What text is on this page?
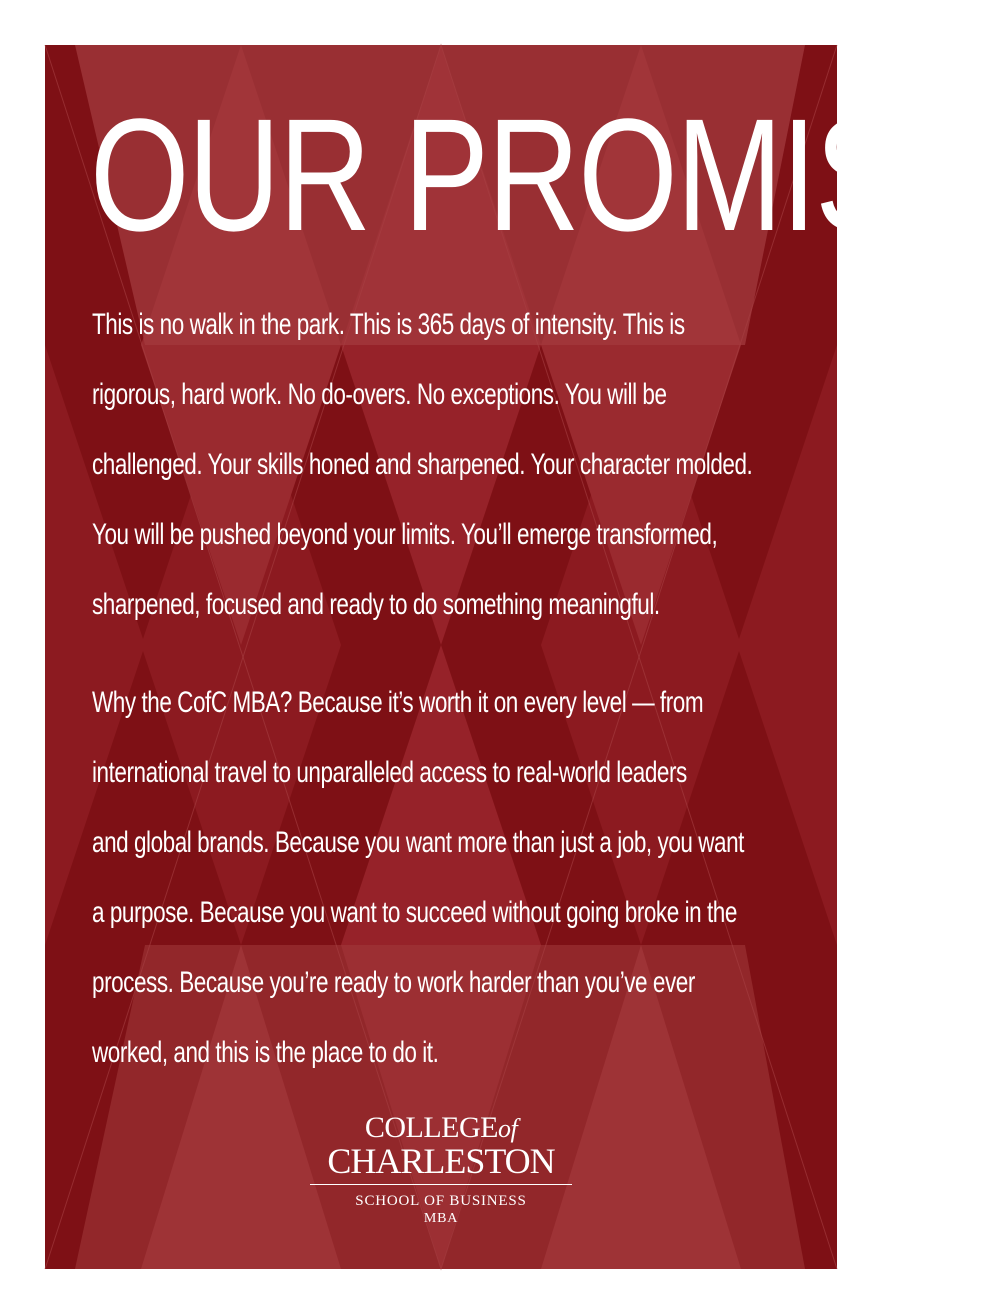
OUR PROMISE

This is no walk in the park. This is 365 days of intensity. This is
rigorous, hard work. No do-overs. No exceptions. You will be
challenged. Your skills honed and sharpened. Your character molded.
You will be pushed beyond your limits. You’ll emerge transformed,
sharpened, focused and ready to do something meaningful.

Why the CofC MBA? Because it’s worth it on every level — from
international travel to unparalleled access to real-world leaders
and global brands. Because you want more than just a job, you want
a purpose. Because you want to succeed without going broke in the
process. Because you’re ready to work harder than you’ve ever
worked, and this is the place to do it.

COLLEGEof
CHARLESTON
SCHOOL OF BUSINESS
MBA
